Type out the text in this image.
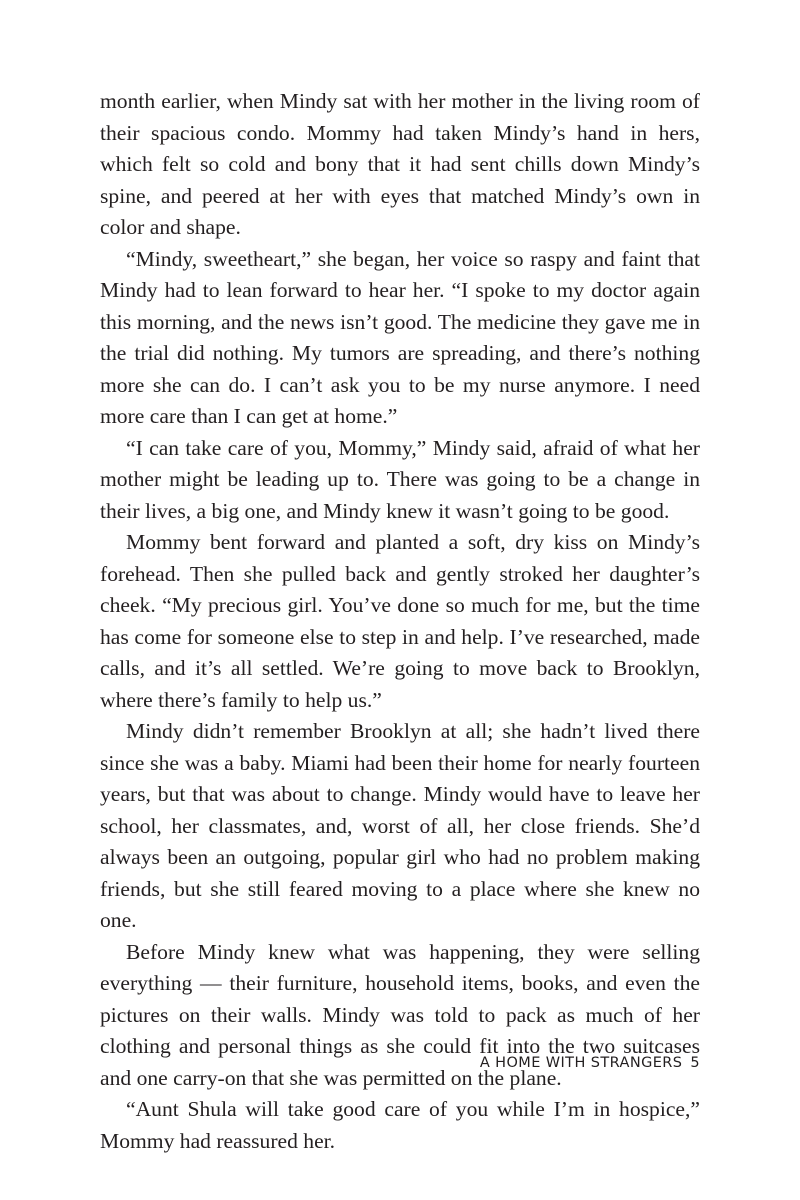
month earlier, when Mindy sat with her mother in the living room of their spacious condo. Mommy had taken Mindy’s hand in hers, which felt so cold and bony that it had sent chills down Mindy’s spine, and peered at her with eyes that matched Mindy’s own in color and shape.

“Mindy, sweetheart,” she began, her voice so raspy and faint that Mindy had to lean forward to hear her. “I spoke to my doctor again this morning, and the news isn’t good. The medicine they gave me in the trial did nothing. My tumors are spreading, and there’s nothing more she can do. I can’t ask you to be my nurse anymore. I need more care than I can get at home.”

“I can take care of you, Mommy,” Mindy said, afraid of what her mother might be leading up to. There was going to be a change in their lives, a big one, and Mindy knew it wasn’t going to be good.

Mommy bent forward and planted a soft, dry kiss on Mindy’s forehead. Then she pulled back and gently stroked her daughter’s cheek. “My precious girl. You’ve done so much for me, but the time has come for someone else to step in and help. I’ve researched, made calls, and it’s all settled. We’re going to move back to Brooklyn, where there’s family to help us.”

Mindy didn’t remember Brooklyn at all; she hadn’t lived there since she was a baby. Miami had been their home for nearly fourteen years, but that was about to change. Mindy would have to leave her school, her classmates, and, worst of all, her close friends. She’d always been an outgoing, popular girl who had no problem making friends, but she still feared moving to a place where she knew no one.

Before Mindy knew what was happening, they were selling everything — their furniture, household items, books, and even the pictures on their walls. Mindy was told to pack as much of her clothing and personal things as she could fit into the two suitcases and one carry-on that she was permitted on the plane.

“Aunt Shula will take good care of you while I’m in hospice,” Mommy had reassured her.

A HOME WITH STRANGERS 5
